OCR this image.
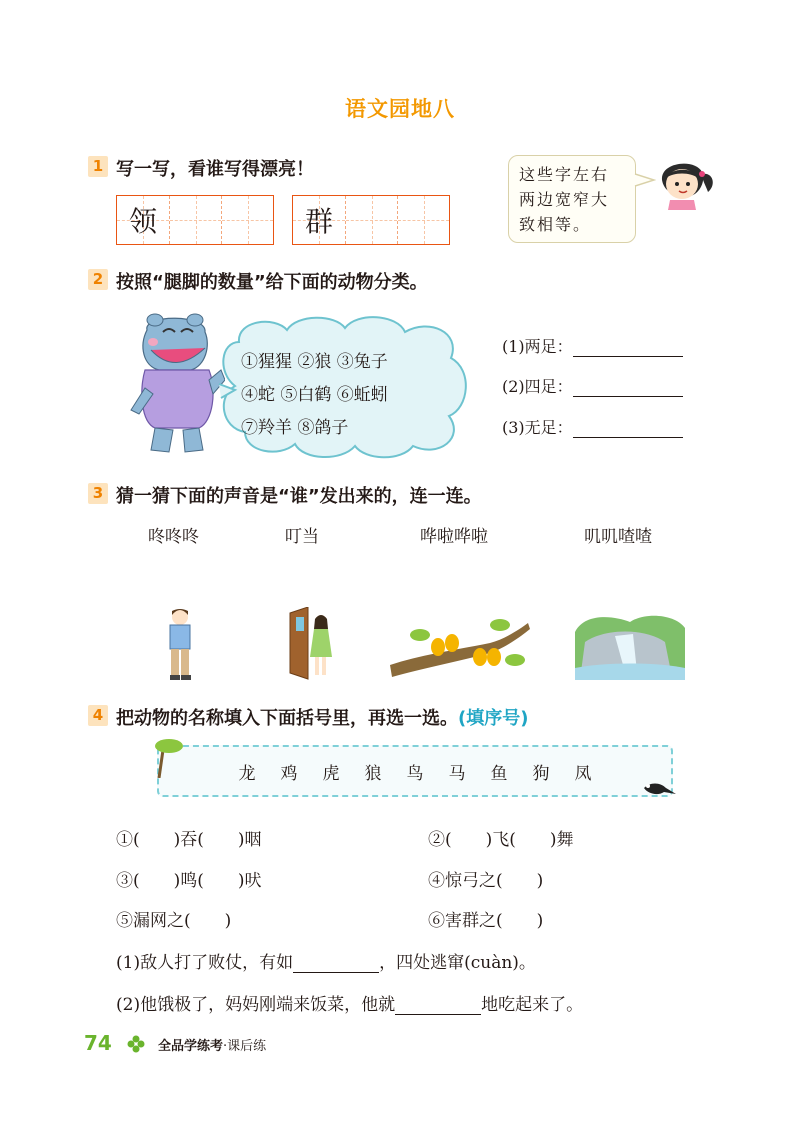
语文园地八
1 写一写，看谁写得漂亮！
领	群
这些字左右两边宽窄大致相等。
2 按照“腿脚的数量”给下面的动物分类。
①猩猩 ②狼 ③兔子
④蛇 ⑤白鹤 ⑥蚯蚓
⑦羚羊 ⑧鸽子
(1)两足：
(2)四足：
(3)无足：
3 猜一猜下面的声音是“谁”发出来的，连一连。
咚咚咚	叮当	哗啦哗啦	叽叽喳喳
4 把动物的名称填入下面括号里，再选一选。(填序号)
龙	鸡	虎	狼	鸟	马	鱼	狗	凤
①(　　)吞(　　)咽	②(　　)飞(　　)舞
③(　　)鸣(　　)吠	④惊弓之(　　)
⑤漏网之(　　)	⑥害群之(　　)
(1)敌人打了败仗，有如	，四处逃窜(cuàn)。
(2)他饿极了，妈妈刚端来饭菜，他就	地吃起来了。
74	全品学练考·课后练
